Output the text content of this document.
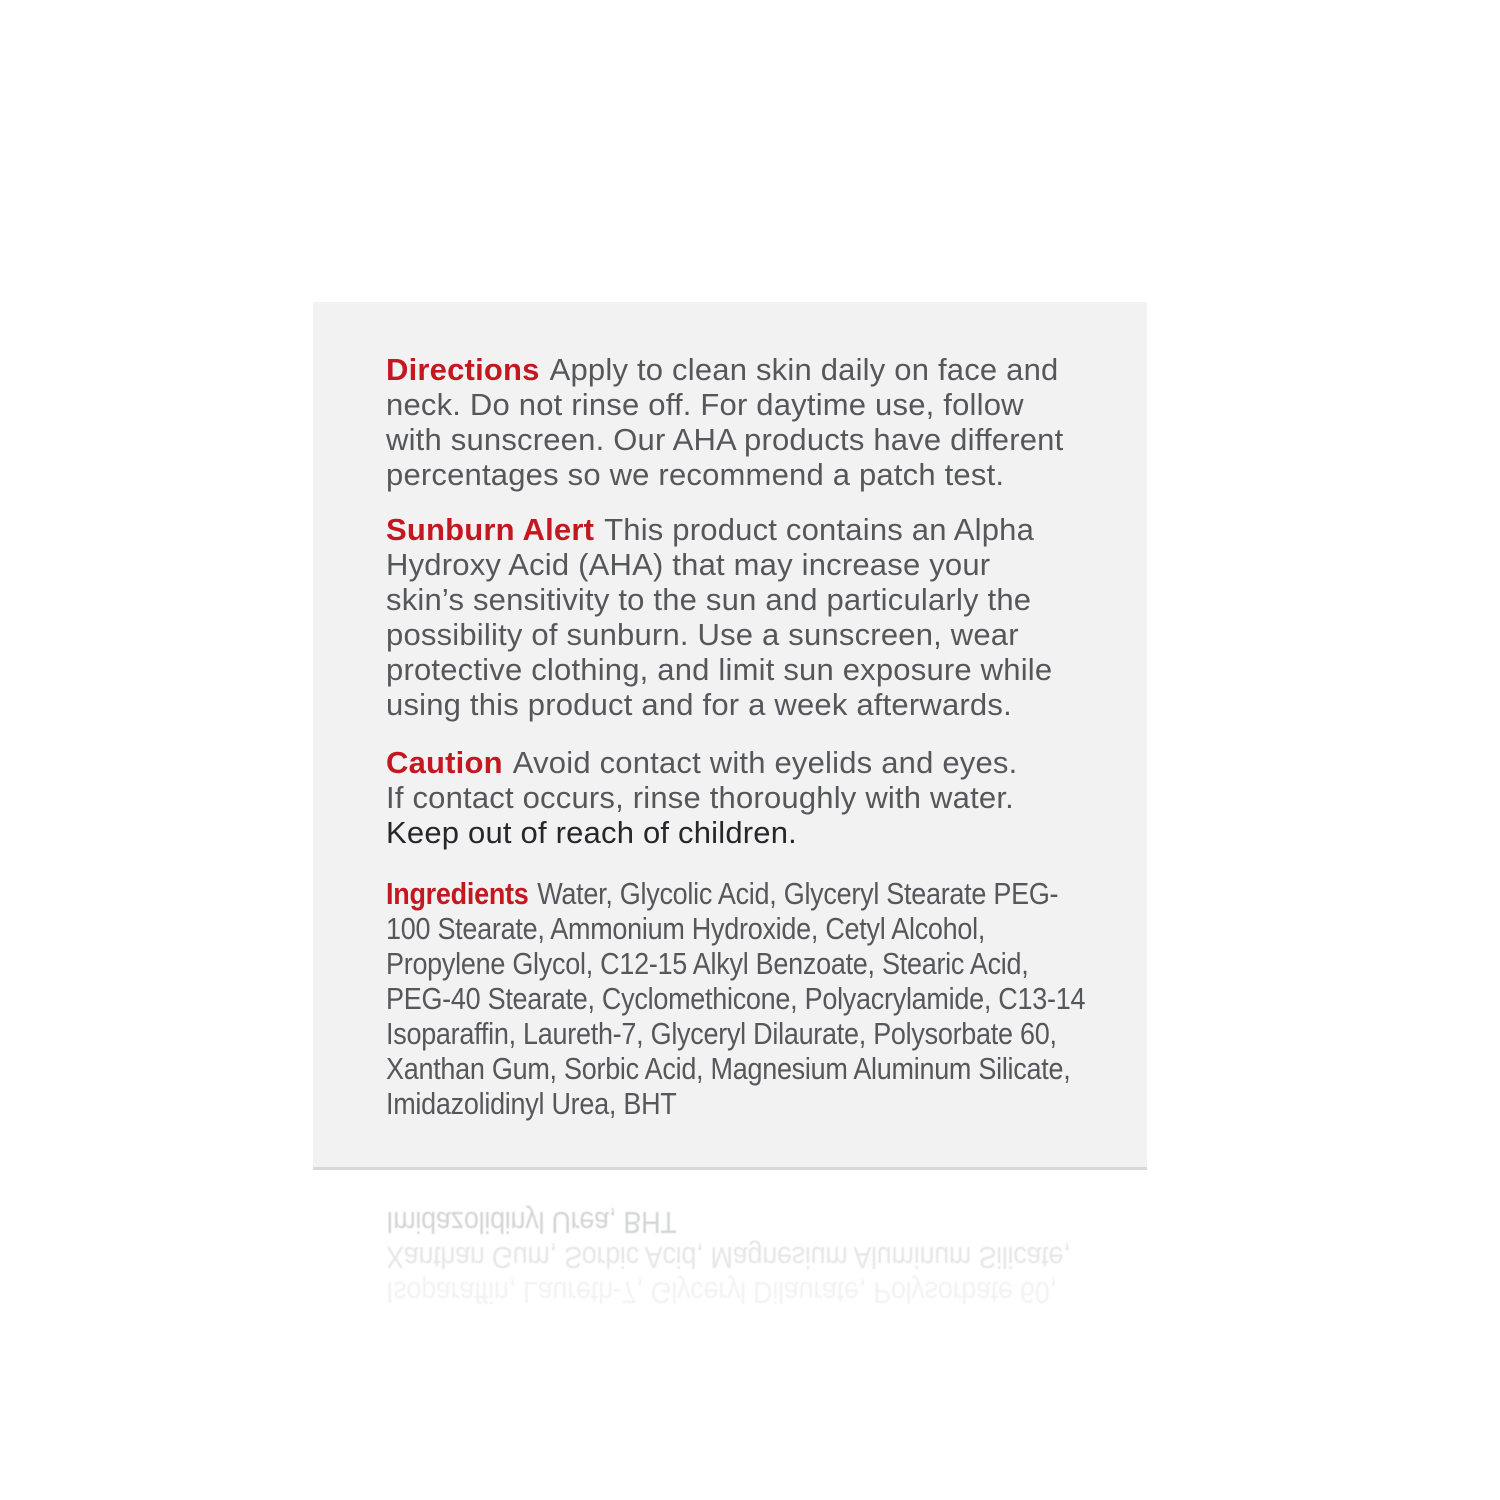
Directions Apply to clean skin daily on face and
neck. Do not rinse off. For daytime use, follow
with sunscreen. Our AHA products have different
percentages so we recommend a patch test.
Sunburn Alert This product contains an Alpha
Hydroxy Acid (AHA) that may increase your
skin’s sensitivity to the sun and particularly the
possibility of sunburn. Use a sunscreen, wear
protective clothing, and limit sun exposure while
using this product and for a week afterwards.
Caution Avoid contact with eyelids and eyes.
If contact occurs, rinse thoroughly with water.
Keep out of reach of children.
Ingredients Water, Glycolic Acid, Glyceryl Stearate PEG-
100 Stearate, Ammonium Hydroxide, Cetyl Alcohol,
Propylene Glycol, C12-15 Alkyl Benzoate, Stearic Acid,
PEG-40 Stearate, Cyclomethicone, Polyacrylamide, C13-14
Isoparaffin, Laureth-7, Glyceryl Dilaurate, Polysorbate 60,
Xanthan Gum, Sorbic Acid, Magnesium Aluminum Silicate,
Imidazolidinyl Urea, BHT
Isoparaffin, Laureth-7, Glyceryl Dilaurate, Polysorbate 60,
Xanthan Gum, Sorbic Acid, Magnesium Aluminum Silicate,
Imidazolidinyl Urea, BHT
